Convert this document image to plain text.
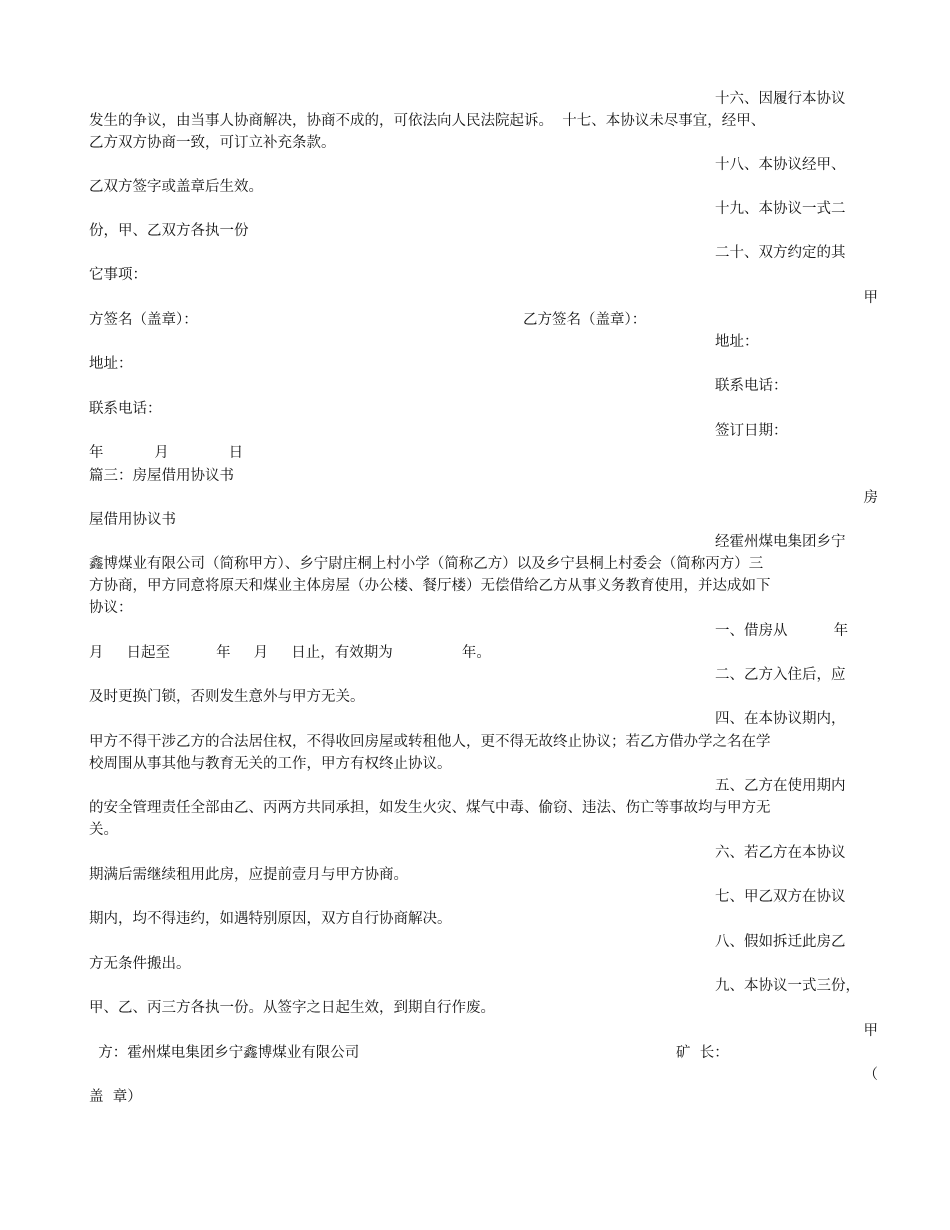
十六、因履行本协议
发生的争议，由当事人协商解决，协商不成的，可依法向人民法院起诉。  十七、本协议未尽事宜，经甲、
乙方双方协商一致，可订立补充条款。
十八、本协议经甲、
乙双方签字或盖章后生效。
十九、本协议一式二
份，甲、乙双方各执一份
二十、双方约定的其
它事项：
甲
方签名（盖章）：	乙方签名（盖章）：
地址：
地址：
联系电话：
联系电话：
签订日期：
年           月             日
篇三：房屋借用协议书
房
屋借用协议书
经霍州煤电集团乡宁
鑫博煤业有限公司（简称甲方）、乡宁尉庄桐上村小学（简称乙方）以及乡宁县桐上村委会（简称丙方）三
方协商，甲方同意将原天和煤业主体房屋（办公楼、餐厅楼）无偿借给乙方从事义务教育使用，并达成如下
协议：
一、借房从          年
月     日起至          年     月     日止，有效期为               年。
二、乙方入住后，应
及时更换门锁，否则发生意外与甲方无关。
四、在本协议期内，
甲方不得干涉乙方的合法居住权，不得收回房屋或转租他人，更不得无故终止协议；若乙方借办学之名在学
校周围从事其他与教育无关的工作，甲方有权终止协议。
五、乙方在使用期内
的安全管理责任全部由乙、丙两方共同承担，如发生火灾、煤气中毒、偷窃、违法、伤亡等事故均与甲方无
关。
六、若乙方在本协议
期满后需继续租用此房，应提前壹月与甲方协商。
七、甲乙双方在协议
期内，均不得违约，如遇特别原因，双方自行协商解决。
八、假如拆迁此房乙
方无条件搬出。
九、本协议一式三份，
甲、乙、丙三方各执一份。从签字之日起生效，到期自行作废。
甲
方：霍州煤电集团乡宁鑫博煤业有限公司	矿  长：
（
盖  章）
